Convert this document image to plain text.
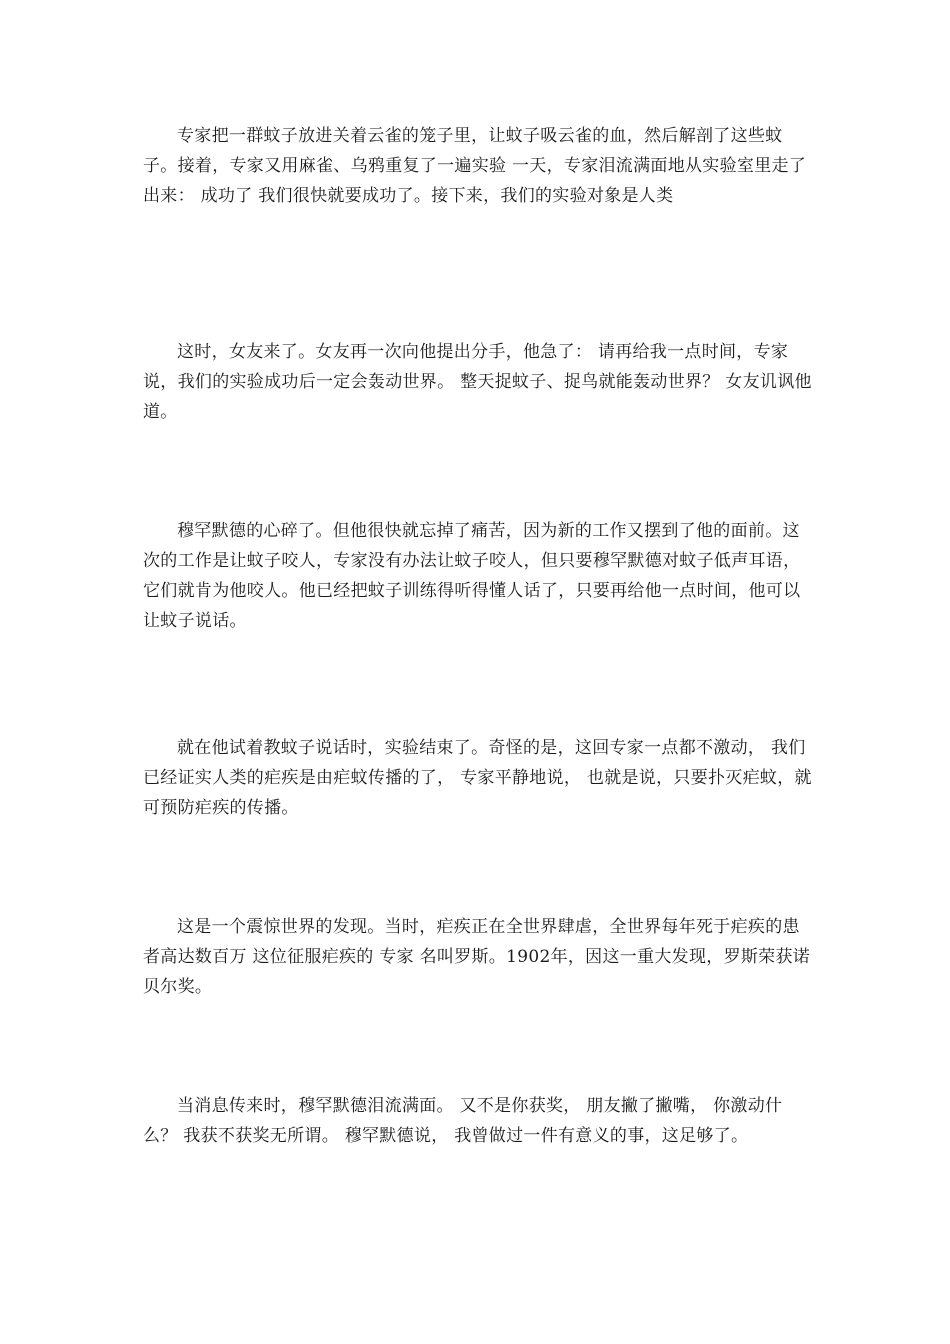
专家把一群蚊子放进关着云雀的笼子里，让蚊子吸云雀的血，然后解剖了这些蚊子。接着，专家又用麻雀、乌鸦重复了一遍实验 一天，专家泪流满面地从实验室里走了出来： 成功了 我们很快就要成功了。接下来，我们的实验对象是人类

这时，女友来了。女友再一次向他提出分手，他急了： 请再给我一点时间，专家说，我们的实验成功后一定会轰动世界。 整天捉蚊子、捉鸟就能轰动世界？ 女友讥讽他道。

穆罕默德的心碎了。但他很快就忘掉了痛苦，因为新的工作又摆到了他的面前。这次的工作是让蚊子咬人，专家没有办法让蚊子咬人，但只要穆罕默德对蚊子低声耳语，它们就肯为他咬人。他已经把蚊子训练得听得懂人话了，只要再给他一点时间，他可以让蚊子说话。

就在他试着教蚊子说话时，实验结束了。奇怪的是，这回专家一点都不激动， 我们已经证实人类的疟疾是由疟蚊传播的了， 专家平静地说， 也就是说，只要扑灭疟蚊，就可预防疟疾的传播。

这是一个震惊世界的发现。当时，疟疾正在全世界肆虐，全世界每年死于疟疾的患者高达数百万 这位征服疟疾的 专家 名叫罗斯。1902年，因这一重大发现，罗斯荣获诺贝尔奖。

当消息传来时，穆罕默德泪流满面。 又不是你获奖， 朋友撇了撇嘴， 你激动什么？ 我获不获奖无所谓。 穆罕默德说， 我曾做过一件有意义的事，这足够了。
